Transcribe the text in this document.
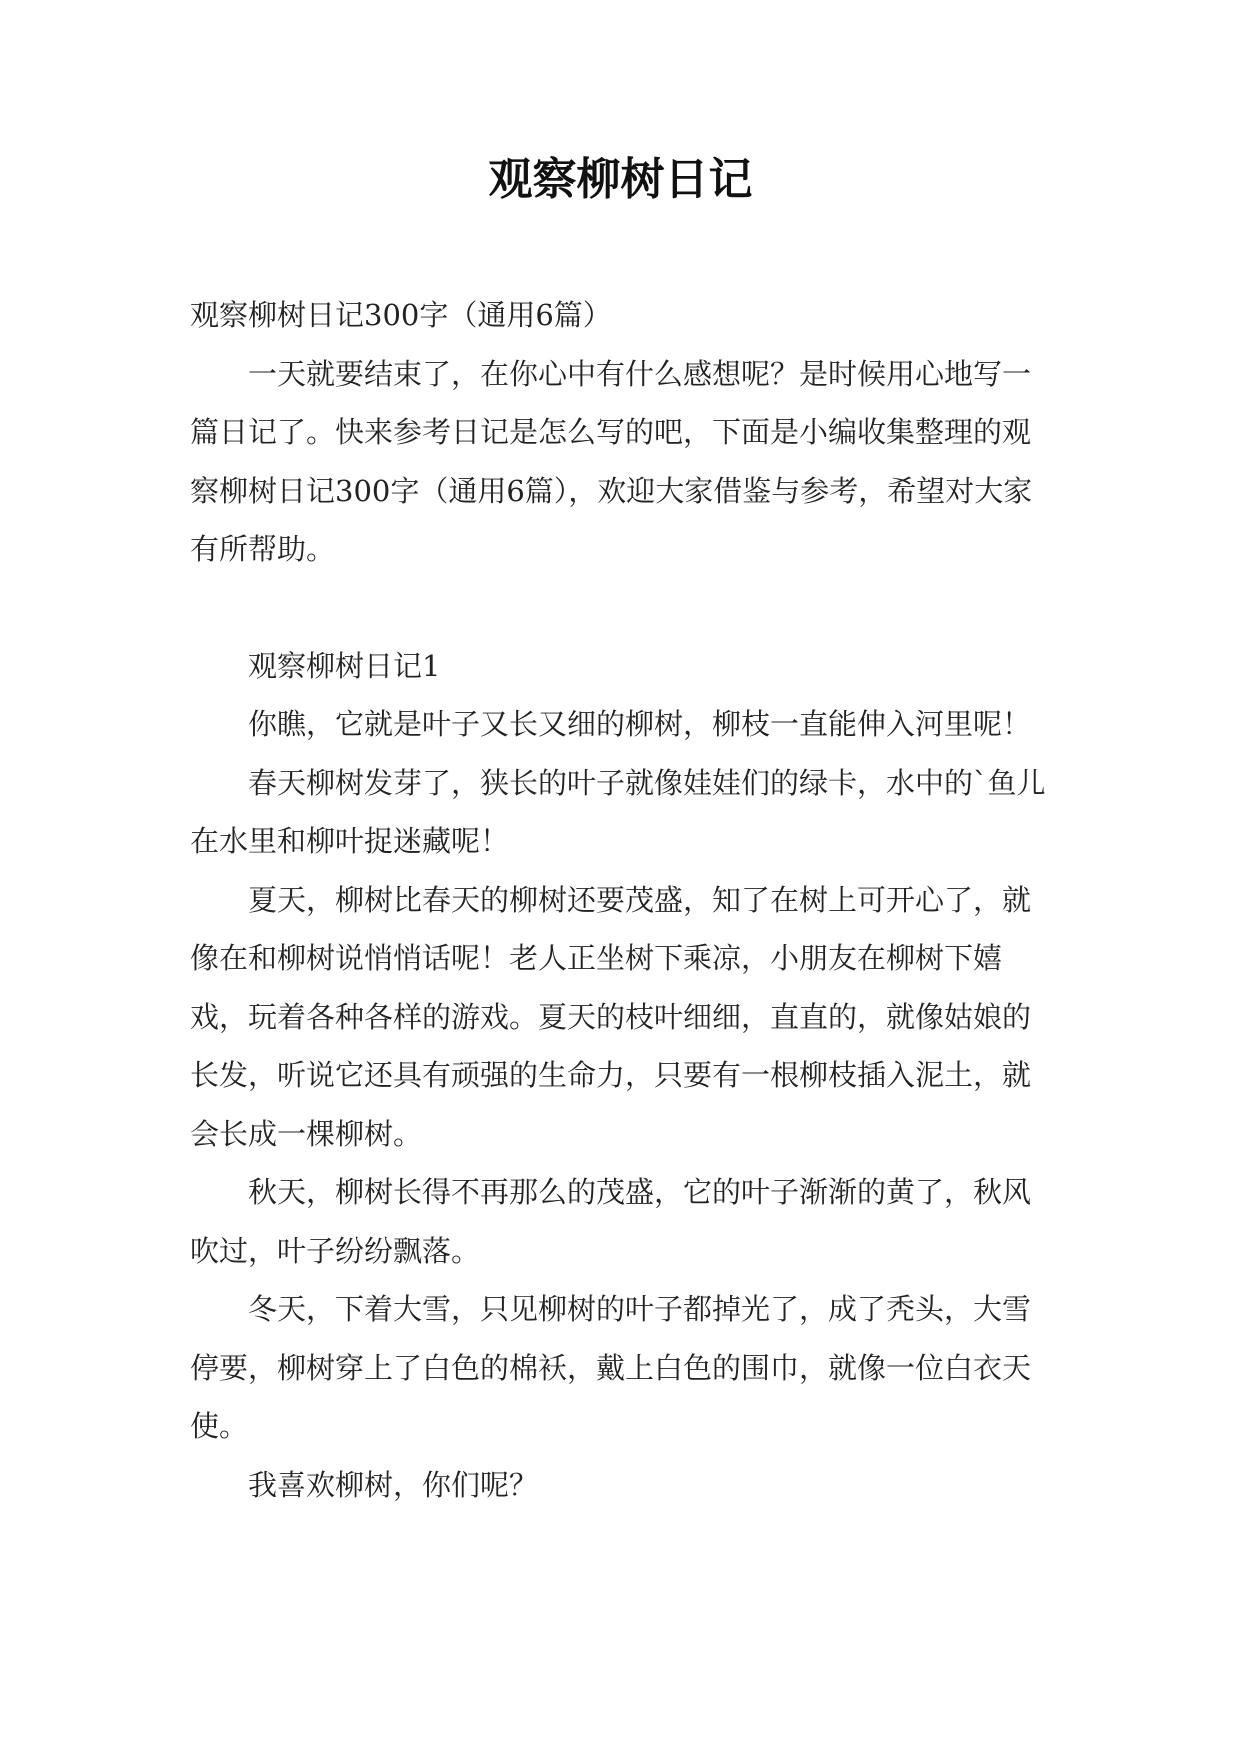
观察柳树日记

观察柳树日记300字（通用6篇）

一天就要结束了，在你心中有什么感想呢？是时候用心地写一篇日记了。快来参考日记是怎么写的吧，下面是小编收集整理的观察柳树日记300字（通用6篇），欢迎大家借鉴与参考，希望对大家有所帮助。

观察柳树日记1

你瞧，它就是叶子又长又细的柳树，柳枝一直能伸入河里呢！

春天柳树发芽了，狭长的叶子就像娃娃们的绿卡，水中的`鱼儿在水里和柳叶捉迷藏呢！

夏天，柳树比春天的柳树还要茂盛，知了在树上可开心了，就像在和柳树说悄悄话呢！老人正坐树下乘凉，小朋友在柳树下嬉戏，玩着各种各样的游戏。夏天的枝叶细细，直直的，就像姑娘的长发，听说它还具有顽强的生命力，只要有一根柳枝插入泥土，就会长成一棵柳树。

秋天，柳树长得不再那么的茂盛，它的叶子渐渐的黄了，秋风吹过，叶子纷纷飘落。

冬天，下着大雪，只见柳树的叶子都掉光了，成了秃头，大雪停要，柳树穿上了白色的棉袄，戴上白色的围巾，就像一位白衣天使。

我喜欢柳树，你们呢？
